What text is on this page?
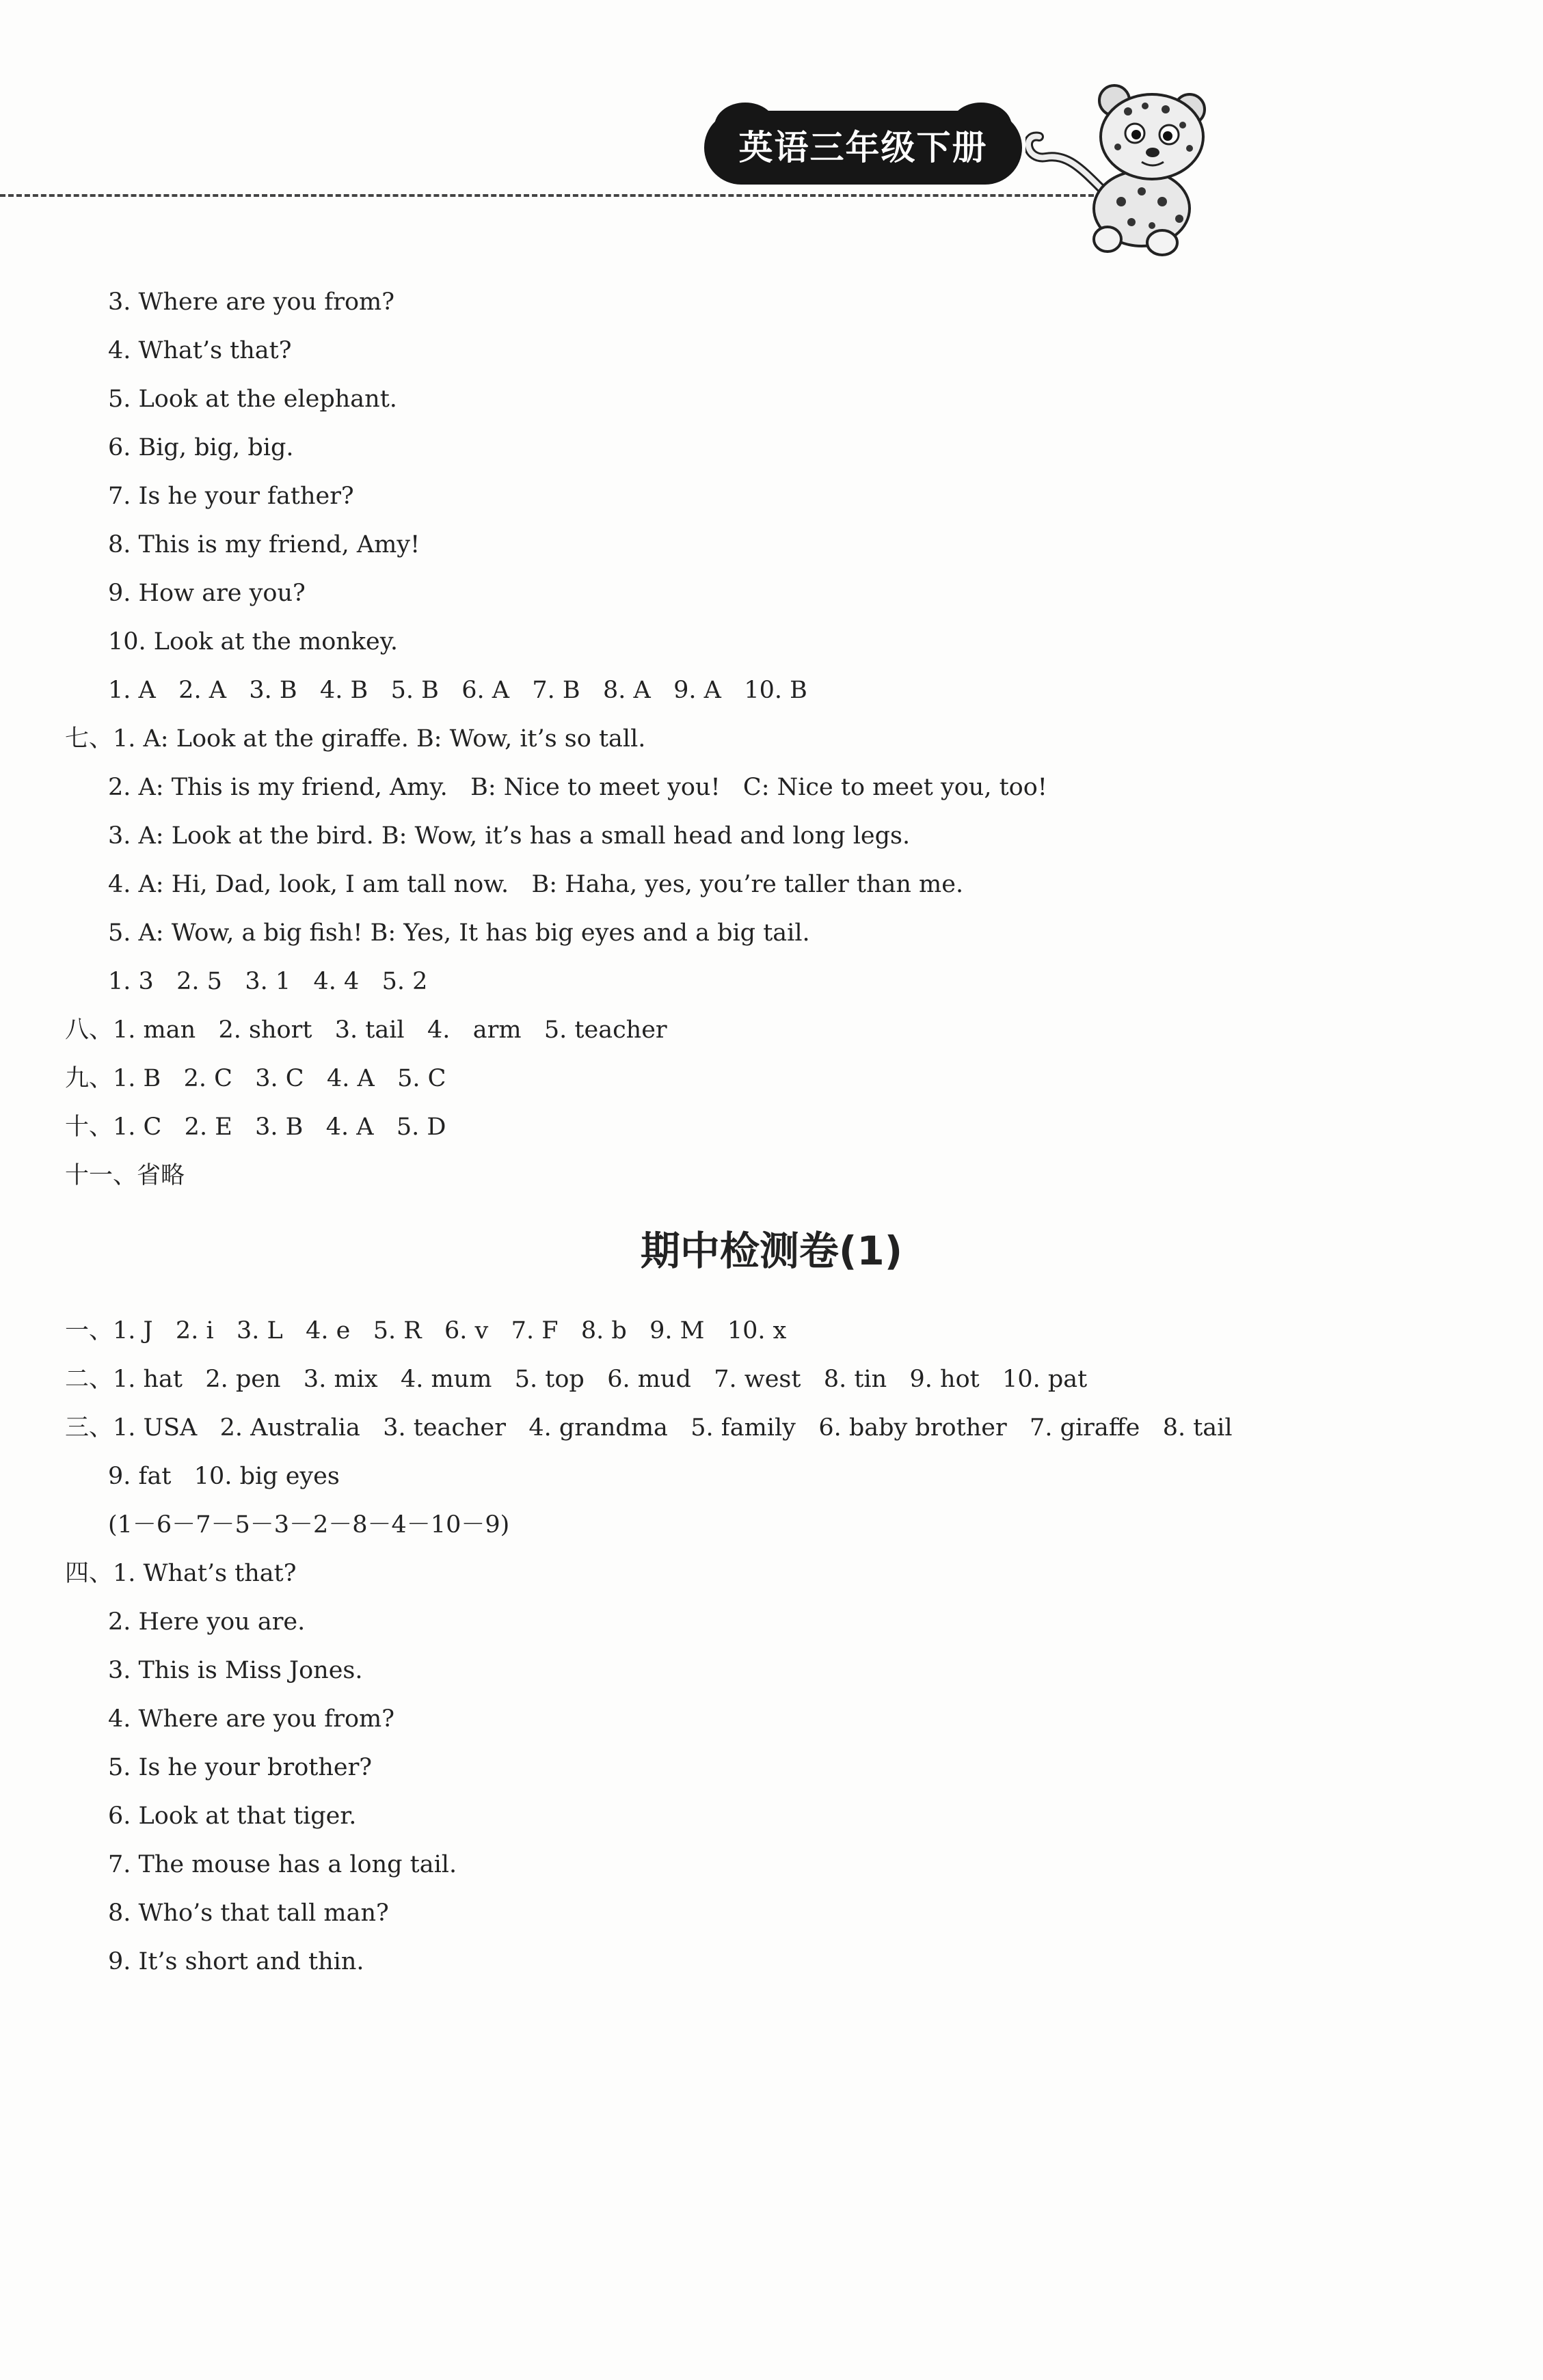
英语三年级下册
3. Where are you from?
4. What’s that?
5. Look at the elephant.
6. Big, big, big.
7. Is he your father?
8. This is my friend, Amy!
9. How are you?
10. Look at the monkey.
1. A   2. A   3. B   4. B   5. B   6. A   7. B   8. A   9. A   10. B
七、1. A: Look at the giraffe. B: Wow, it’s so tall.
2. A: This is my friend, Amy.   B: Nice to meet you!   C: Nice to meet you, too!
3. A: Look at the bird. B: Wow, it’s has a small head and long legs.
4. A: Hi, Dad, look, I am tall now.   B: Haha, yes, you’re taller than me.
5. A: Wow, a big fish! B: Yes, It has big eyes and a big tail.
1. 3   2. 5   3. 1   4. 4   5. 2
八、1. man   2. short   3. tail   4.   arm   5. teacher
九、1. B   2. C   3. C   4. A   5. C
十、1. C   2. E   3. B   4. A   5. D
十一、省略
期中检测卷(1)
一、1. J   2. i   3. L   4. e   5. R   6. v   7. F   8. b   9. M   10. x
二、1. hat   2. pen   3. mix   4. mum   5. top   6. mud   7. west   8. tin   9. hot   10. pat
三、1. USA   2. Australia   3. teacher   4. grandma   5. family   6. baby brother   7. giraffe   8. tail
9. fat   10. big eyes
(1－6－7－5－3－2－8－4－10－9)
四、1. What’s that?
2. Here you are.
3. This is Miss Jones.
4. Where are you from?
5. Is he your brother?
6. Look at that tiger.
7. The mouse has a long tail.
8. Who’s that tall man?
9. It’s short and thin.
